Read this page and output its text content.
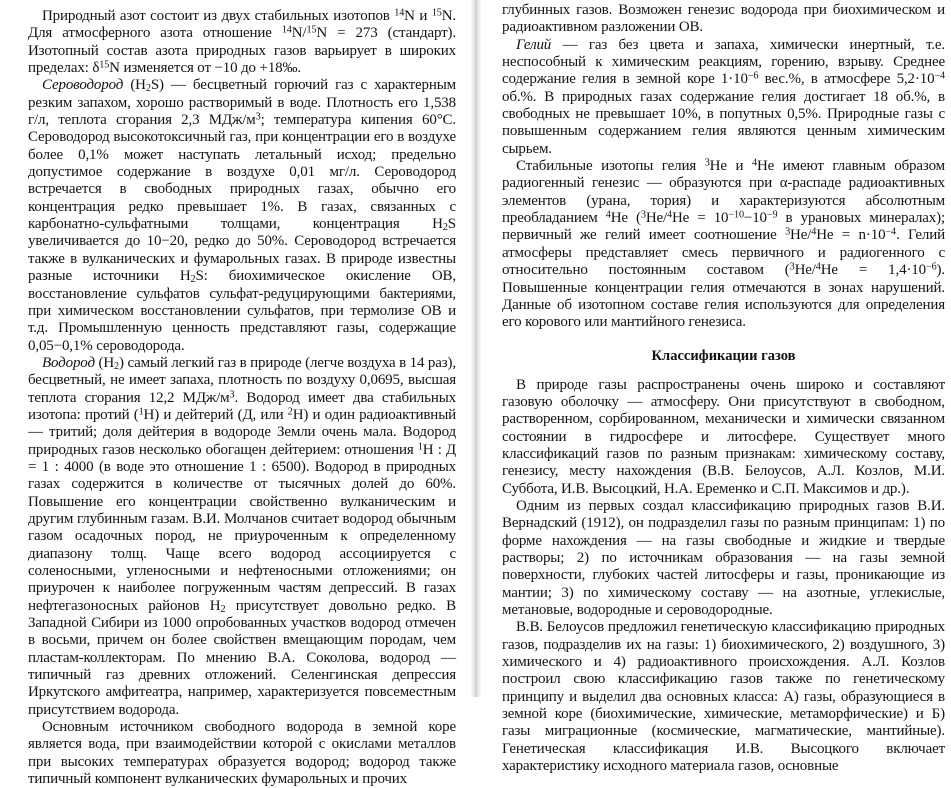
Природный азот состоит из двух стабильных изотопов $^{14}$N и $^{15}$N. Для атмосферного азота отношение $^{14}$N/$^{15}$N = 273 (стандарт). Изотопный состав азота природных газов варьирует в широких пределах: $\delta^{15}N$ изменяется от −10 до +18‰.

Сероводород $(H_2S)$ — бесцветный горючий газ с характерным резким запахом, хорошо растворимый в воде. Плотность его 1,538 г/л, теплота сгорания 2,3 МДж/$м^3$; температура кипения 60°С. Сероводород высокотоксичный газ, при концентрации его в воздухе более 0,1% может наступать летальный исход; предельно допустимое содержание в воздухе 0,01 мг/л. Сероводород встречается в свободных природных газах, обычно его концентрация редко превышает 1%. В газах, связанных с карбонатно-сульфатными толщами, концентрация $H_2S$ увеличивается до 10−20, редко до 50%. Сероводород встречается также в вулканических и фумарольных газах. В природе известны разные источники $H_2S$: биохимическое окисление ОВ, восстановление сульфатов сульфат-редуцирующими бактериями, при химическом восстановлении сульфатов, при термолизе ОВ и т.д. Промышленную ценность представляют газы, содержащие 0,05−0,1% сероводорода.

Водород $(H_2)$ самый легкий газ в природе (легче воздуха в 14 раз), бесцветный, не имеет запаха, плотность по воздуху 0,0695, высшая теплота сгорания 12,2 МДж/$м^3$. Водород имеет два стабильных изотопа: протий ($^1$H) и дейтерий (Д, или $^2$H) и один радиоактивный — тритий; доля дейтерия в водороде Земли очень мала. Водород природных газов несколько обогащен дейтерием: отношения $^1$H : Д = 1 : 4000 (в воде это отношение 1 : 6500). Водород в природных газах содержится в количестве от тысячных долей до 60%. Повышение его концентрации свойственно вулканическим и другим глубинным газам. В.И. Молчанов считает водород обычным газом осадочных пород, не приуроченным к определенному диапазону толщ. Чаще всего водород ассоциируется с соленосными, угленосными и нефтеносными отложениями; он приурочен к наиболее погруженным частям депрессий. В газах нефтегазоносных районов $H_2$ присутствует довольно редко. В Западной Сибири из 1000 опробованных участков водород отмечен в восьми, причем он более свойствен вмещающим породам, чем пластам-коллекторам. По мнению В.А. Соколова, водород — типичный газ древних отложений. Селенгинская депрессия Иркутского амфитеатра, например, характеризуется повсеместным присутствием водорода.

Основным источником свободного водорода в земной коре является вода, при взаимодействии которой с окислами металлов при высоких температурах образуется водород; водород также типичный компонент вулканических фумарольных и прочих

глубинных газов. Возможен генезис водорода при биохимическом и радиоактивном разложении ОВ.

Гелий — газ без цвета и запаха, химически инертный, т.е. неспособный к химическим реакциям, горению, взрыву. Среднее содержание гелия в земной коре $1\cdot 10^{-6}$ вес.%, в атмосфере $5,2\cdot 10^{-4}$ об.%. В природных газах содержание гелия достигает 18 об.%, в свободных не превышает 10%, в попутных 0,5%. Природные газы с повышенным содержанием гелия являются ценным химическим сырьем.

Стабильные изотопы гелия $^3$He и $^4$He имеют главным образом радиогенный генезис — образуются при α-распаде радиоактивных элементов (урана, тория) и характеризуются абсолютным преобладанием $^4$He ($^3He/^4He = 10^{-10}-10^{-9}$ в урановых минералах); первичный же гелий имеет соотношение $^3He/^4He = n\cdot 10^{-4}$. Гелий атмосферы представляет смесь первичного и радиогенного с относительно постоянным составом $(^3He/^4He = 1,4\cdot 10^{-6})$. Повышенные концентрации гелия отмечаются в зонах нарушений. Данные об изотопном составе гелия используются для определения его корового или мантийного генезиса.

Классификации газов

В природе газы распространены очень широко и составляют газовую оболочку — атмосферу. Они присутствуют в свободном, растворенном, сорбированном, механически и химически связанном состоянии в гидросфере и литосфере. Существует много классификаций газов по разным признакам: химическому составу, генезису, месту нахождения (В.В. Белоусов, А.Л. Козлов, М.И. Суббота, И.В. Высоцкий, Н.А. Еременко и С.П. Максимов и др.).

Одним из первых создал классификацию природных газов В.И. Вернадский (1912), он подразделил газы по разным принципам: 1) по форме нахождения — на газы свободные и жидкие и твердые растворы; 2) по источникам образования — на газы земной поверхности, глубоких частей литосферы и газы, проникающие из мантии; 3) по химическому составу — на азотные, углекислые, метановые, водородные и сероводородные.

В.В. Белоусов предложил генетическую классификацию природных газов, подразделив их на газы: 1) биохимического, 2) воздушного, 3) химического и 4) радиоактивного происхождения. А.Л. Козлов построил свою классификацию газов также по генетическому принципу и выделил два основных класса: А) газы, образующиеся в земной коре (биохимические, химические, метаморфические) и Б) газы миграционные (космические, магматические, мантийные). Генетическая классификация И.В. Высоцкого включает характеристику исходного материала газов, основные
